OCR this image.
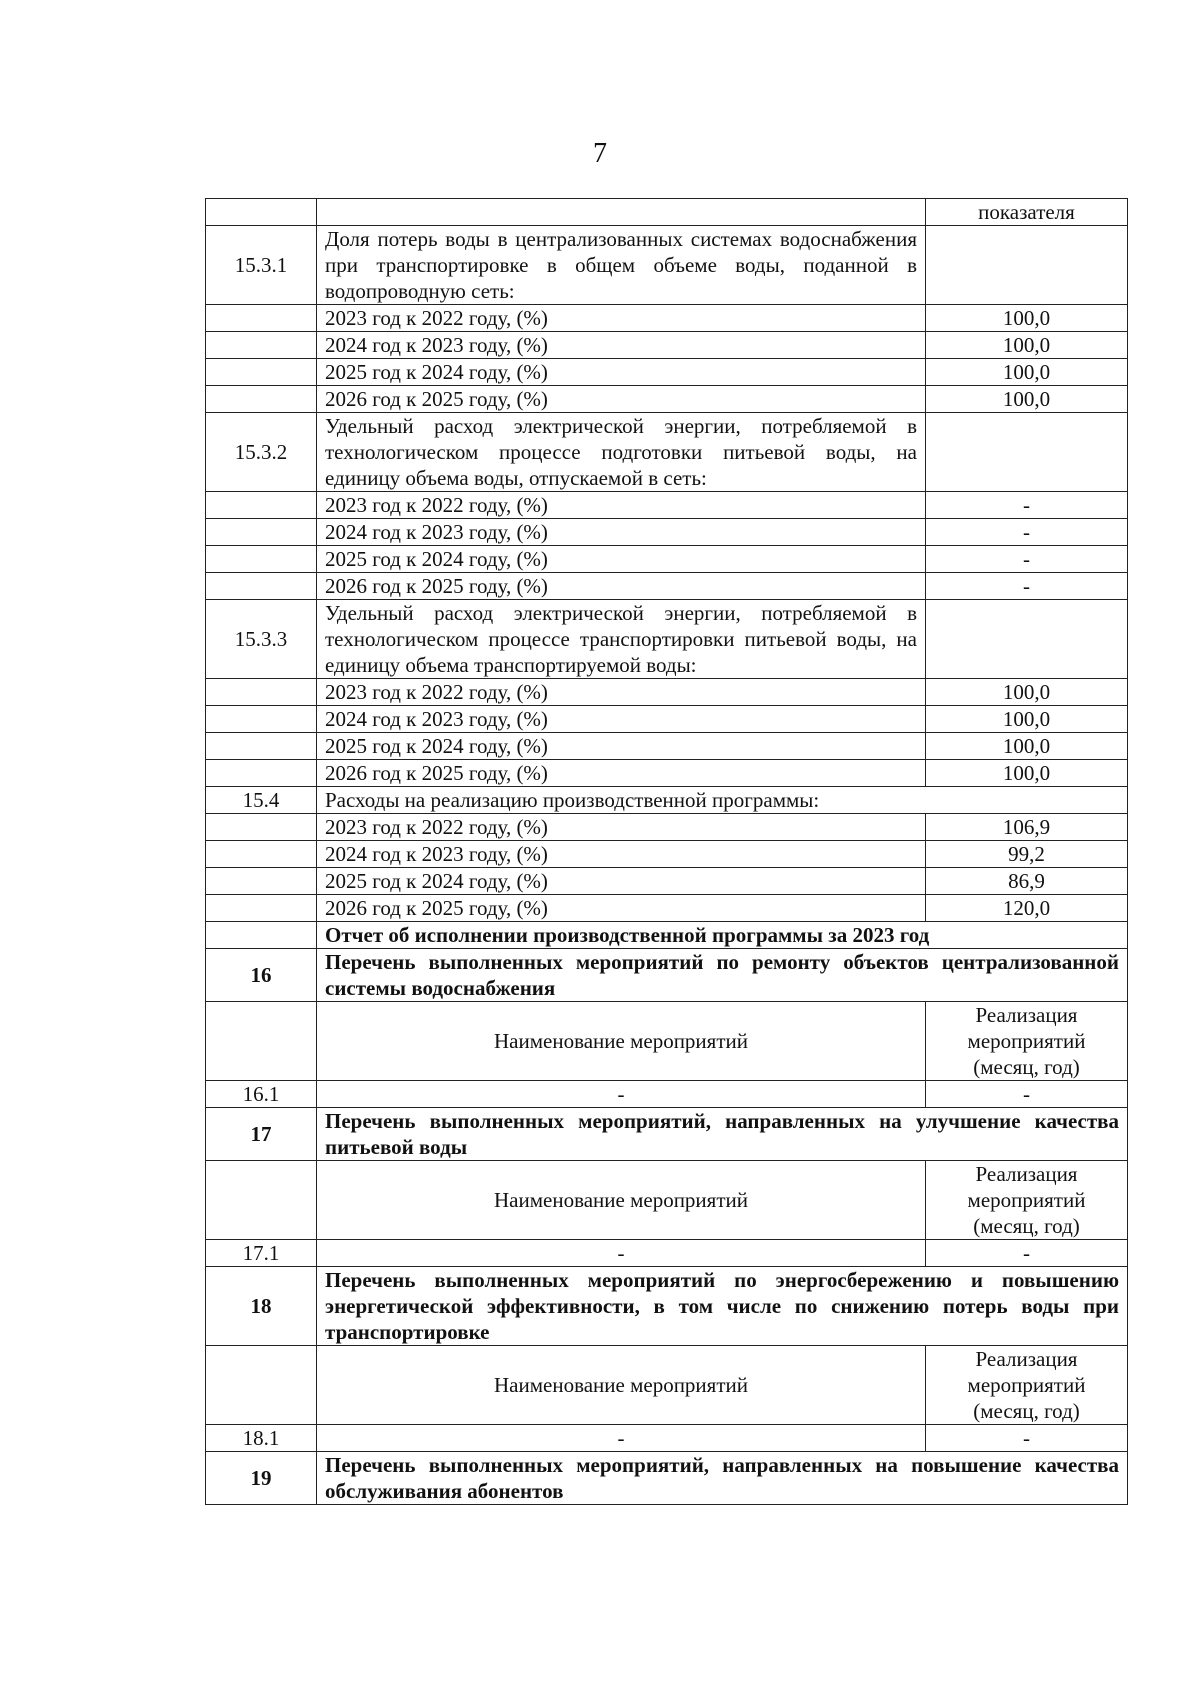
7
		показателя
15.3.1	Доля потерь воды в централизованных системах водоснабжения при транспортировке в общем объеме воды, поданной в водопроводную сеть:	
	2023 год к 2022 году, (%)	100,0
	2024 год к 2023 году, (%)	100,0
	2025 год к 2024 году, (%)	100,0
	2026 год к 2025 году, (%)	100,0
15.3.2	Удельный расход электрической энергии, потребляемой в технологическом процессе подготовки питьевой воды, на единицу объема воды, отпускаемой в сеть:	
	2023 год к 2022 году, (%)	-
	2024 год к 2023 году, (%)	-
	2025 год к 2024 году, (%)	-
	2026 год к 2025 году, (%)	-
15.3.3	Удельный расход электрической энергии, потребляемой в технологическом процессе транспортировки питьевой воды, на единицу объема транспортируемой воды:	
	2023 год к 2022 году, (%)	100,0
	2024 год к 2023 году, (%)	100,0
	2025 год к 2024 году, (%)	100,0
	2026 год к 2025 году, (%)	100,0
15.4	Расходы на реализацию производственной программы:	
	2023 год к 2022 году, (%)	106,9
	2024 год к 2023 году, (%)	99,2
	2025 год к 2024 году, (%)	86,9
	2026 год к 2025 году, (%)	120,0
	Отчет об исполнении производственной программы за 2023 год	
16	Перечень выполненных мероприятий по ремонту объектов централизованной системы водоснабжения	
	Наименование мероприятий	Реализация мероприятий (месяц, год)
16.1	-	-
17	Перечень выполненных мероприятий, направленных на улучшение качества питьевой воды	
	Наименование мероприятий	Реализация мероприятий (месяц, год)
17.1	-	-
18	Перечень выполненных мероприятий по энергосбережению и повышению энергетической эффективности, в том числе по снижению потерь воды при транспортировке	
	Наименование мероприятий	Реализация мероприятий (месяц, год)
18.1	-	-
19	Перечень выполненных мероприятий, направленных на повышение качества обслуживания абонентов	
